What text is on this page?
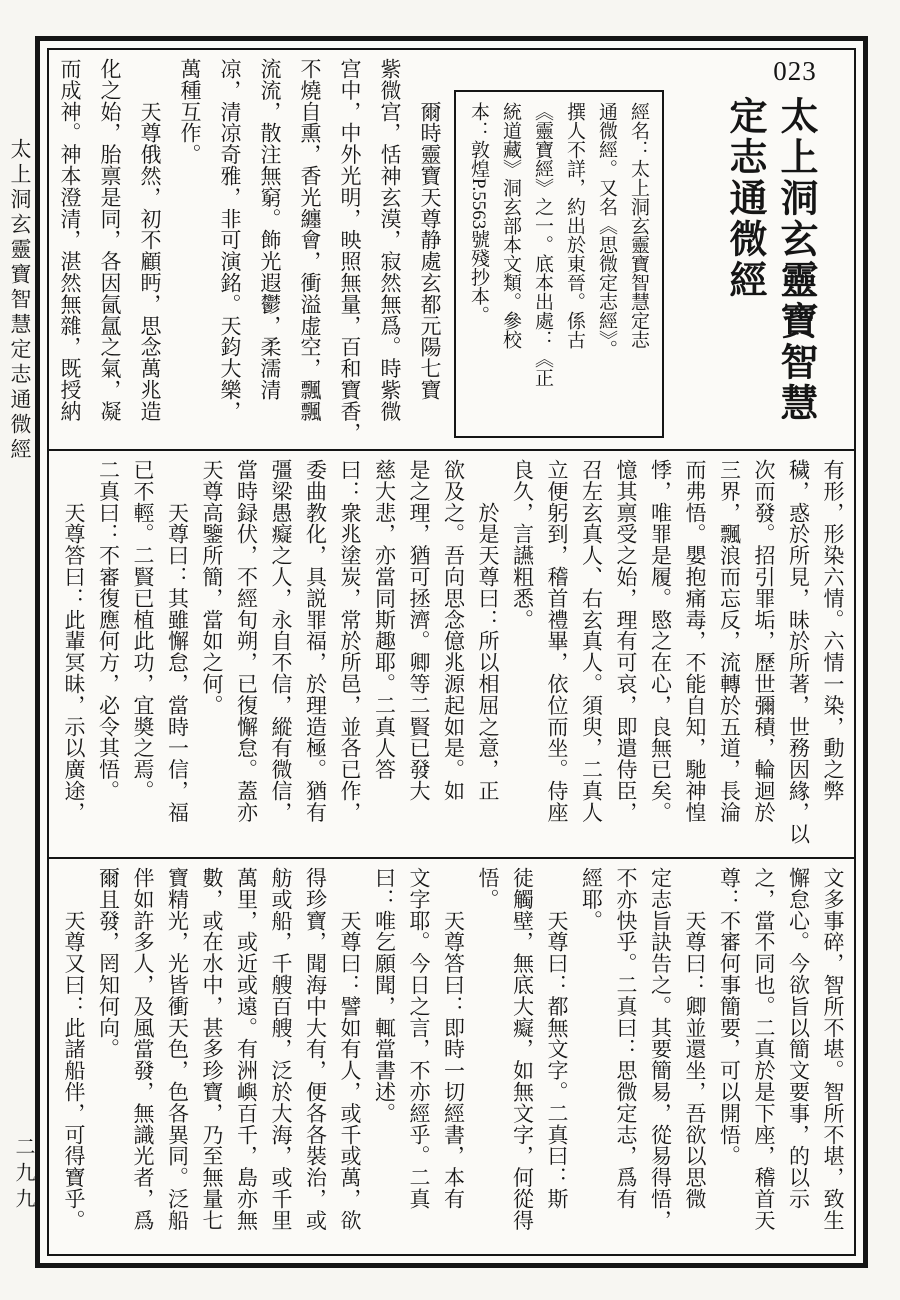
太上洞玄靈寶智慧定志通微經
二九九
　　爾時靈寶天尊静處玄都元陽七寶
紫微宫，恬神玄漠，寂然無爲。時紫微
宫中，中外光明，映照無量，百和寶香，
不燒自熏，香光纏會，衝溢虚空，飄飄
流流，散注無窮。飾光遐鬱，柔濡清
凉，清凉奇雅，非可演銘。天鈞大樂，
萬種互作。
　　天尊俄然，初不顧眄，思念萬兆造
化之始，胎禀是同，各因氤氲之氣，凝
而成神。神本澄清，湛然無雜，既授納	經名：太上洞玄靈寶智慧定志
通微經。又名《思微定志經》。
撰人不詳，約出於東晉。係古
《靈寶經》之一。底本出處：《正
統道藏》洞玄部本文類。參校
本：敦煌P.5563號殘抄本。
023
太上洞玄靈寶智慧
定志通微經
有形，形染六情。六情一染，動之弊
穢，惑於所見，昧於所著，世務因緣，以
次而發。招引罪垢，歷世彌積，輪迴於
三界，飄浪而忘反，流轉於五道，長淪
而弗悟。嬰抱痛毒，不能自知，馳神惶
悸，唯罪是履。愍之在心，良無已矣。
憶其禀受之始，理有可哀，即遣侍臣，
召左玄真人、右玄真人。須臾，二真人
立便躬到，稽首禮畢，依位而坐。侍座
良久，言讌粗悉。
　　於是天尊曰：所以相屈之意，正
欲及之。吾向思念億兆源起如是。如
是之理，猶可拯濟。卿等二賢已發大
慈大悲，亦當同斯趣耶。二真人答
曰：衆兆塗炭，常於所邑，並各已作，
委曲教化，具説罪福，於理造極。猶有
彊梁愚癡之人，永自不信，縱有微信，
當時録伏，不經旬朔，已復懈怠。蓋亦
天尊高鑒所簡，當如之何。
　　天尊曰：其雖懈怠，當時一信，福
已不輕。二賢已植此功，宜奬之焉。
二真曰：不審復應何方，必令其悟。
　　天尊答曰：此輩冥昧，示以廣途，
文多事碎，智所不堪。智所不堪，致生
懈怠心。今欲旨以簡文要事，的以示
之，當不同也。二真於是下座，稽首天
尊：不審何事簡要，可以開悟。
　　天尊曰：卿並還坐，吾欲以思微
定志旨訣告之。其要簡易，從易得悟，
不亦快乎。二真曰：思微定志，爲有
經耶。
　　天尊曰：都無文字。二真曰：斯
徒觸壁，無底大癡，如無文字，何從得
悟。
　　天尊答曰：即時一切經書，本有
文字耶。今日之言，不亦經乎。二真
曰：唯乞願聞，輒當書述。
　　天尊曰：譬如有人，或千或萬，欲
得珍寶，聞海中大有，便各各裝治，或
舫或船，千艘百艘，泛於大海，或千里
萬里，或近或遠。有洲嶼百千，島亦無
數，或在水中，甚多珍寶，乃至無量七
寶精光，光皆衝天色，色各異同。泛船
伴如許多人，及風當發，無識光者，爲
爾且發，罔知何向。
　　天尊又曰：此諸船伴，可得寶乎。
